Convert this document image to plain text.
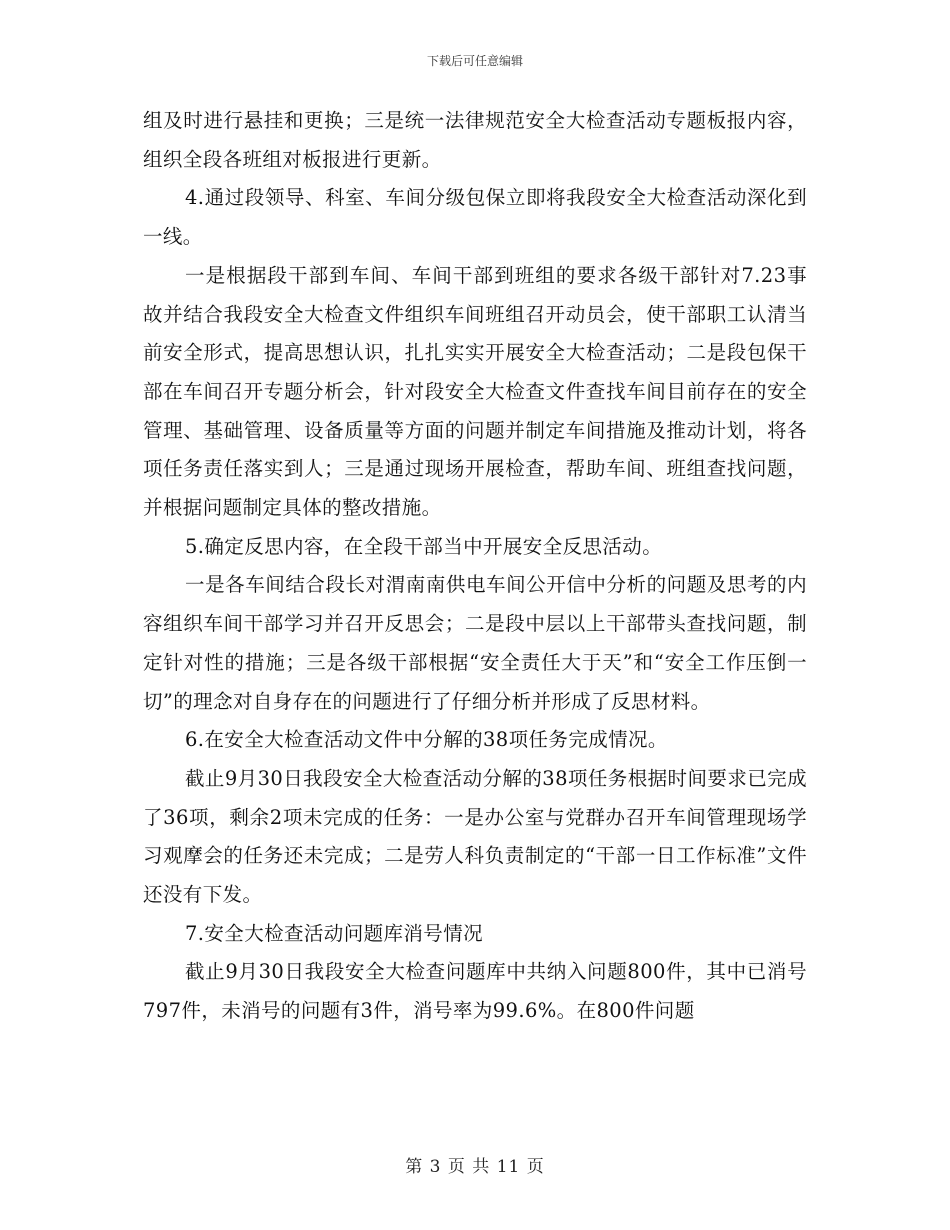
下载后可任意编辑

组及时进行悬挂和更换；三是统一法律规范安全大检查活动专题板报内容，组织全段各班组对板报进行更新。

4.通过段领导、科室、车间分级包保立即将我段安全大检查活动深化到一线。

一是根据段干部到车间、车间干部到班组的要求各级干部针对7.23事故并结合我段安全大检查文件组织车间班组召开动员会，使干部职工认清当前安全形式，提高思想认识，扎扎实实开展安全大检查活动；二是段包保干部在车间召开专题分析会，针对段安全大检查文件查找车间目前存在的安全管理、基础管理、设备质量等方面的问题并制定车间措施及推动计划，将各项任务责任落实到人；三是通过现场开展检查，帮助车间、班组查找问题，并根据问题制定具体的整改措施。

5.确定反思内容，在全段干部当中开展安全反思活动。

一是各车间结合段长对渭南南供电车间公开信中分析的问题及思考的内容组织车间干部学习并召开反思会；二是段中层以上干部带头查找问题，制定针对性的措施；三是各级干部根据“安全责任大于天”和“安全工作压倒一切”的理念对自身存在的问题进行了仔细分析并形成了反思材料。

6.在安全大检查活动文件中分解的38项任务完成情况。

截止9月30日我段安全大检查活动分解的38项任务根据时间要求已完成了36项，剩余2项未完成的任务：一是办公室与党群办召开车间管理现场学习观摩会的任务还未完成；二是劳人科负责制定的“干部一日工作标准”文件还没有下发。

7.安全大检查活动问题库消号情况

截止9月30日我段安全大检查问题库中共纳入问题800件，其中已消号797件，未消号的问题有3件，消号率为99.6%。在800件问题

第 3 页 共 11 页
